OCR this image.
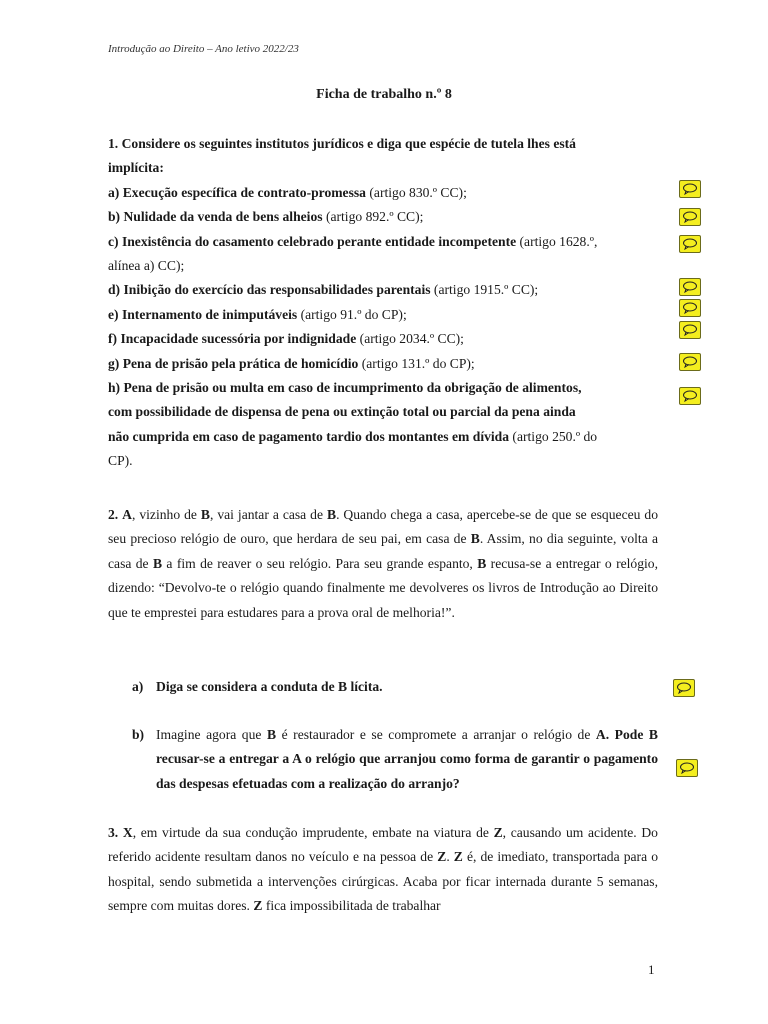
Introdução ao Direito – Ano letivo 2022/23
Ficha de trabalho n.º 8
1. Considere os seguintes institutos jurídicos e diga que espécie de tutela lhes está
implícita:
a) Execução específica de contrato-promessa (artigo 830.º CC);
b) Nulidade da venda de bens alheios (artigo 892.º CC);
c) Inexistência do casamento celebrado perante entidade incompetente (artigo 1628.º,
alínea a) CC);
d) Inibição do exercício das responsabilidades parentais (artigo 1915.º CC);
e) Internamento de inimputáveis (artigo 91.º do CP);
f) Incapacidade sucessória por indignidade (artigo 2034.º CC);
g) Pena de prisão pela prática de homicídio (artigo 131.º do CP);
h) Pena de prisão ou multa em caso de incumprimento da obrigação de alimentos,
com possibilidade de dispensa de pena ou extinção total ou parcial da pena ainda
não cumprida em caso de pagamento tardio dos montantes em dívida (artigo 250.º do
CP).
2. A, vizinho de B, vai jantar a casa de B. Quando chega a casa, apercebe-se de que se esqueceu do seu precioso relógio de ouro, que herdara de seu pai, em casa de B. Assim, no dia seguinte, volta a casa de B a fim de reaver o seu relógio. Para seu grande espanto, B recusa-se a entregar o relógio, dizendo: “Devolvo-te o relógio quando finalmente me devolveres os livros de Introdução ao Direito que te emprestei para estudares para a prova oral de melhoria!”.
a) Diga se considera a conduta de B lícita.
b) Imagine agora que B é restaurador e se compromete a arranjar o relógio de A. Pode B recusar-se a entregar a A o relógio que arranjou como forma de garantir o pagamento das despesas efetuadas com a realização do arranjo?
3. X, em virtude da sua condução imprudente, embate na viatura de Z, causando um acidente. Do referido acidente resultam danos no veículo e na pessoa de Z. Z é, de imediato, transportada para o hospital, sendo submetida a intervenções cirúrgicas. Acaba por ficar internada durante 5 semanas, sempre com muitas dores. Z fica impossibilitada de trabalhar
1
